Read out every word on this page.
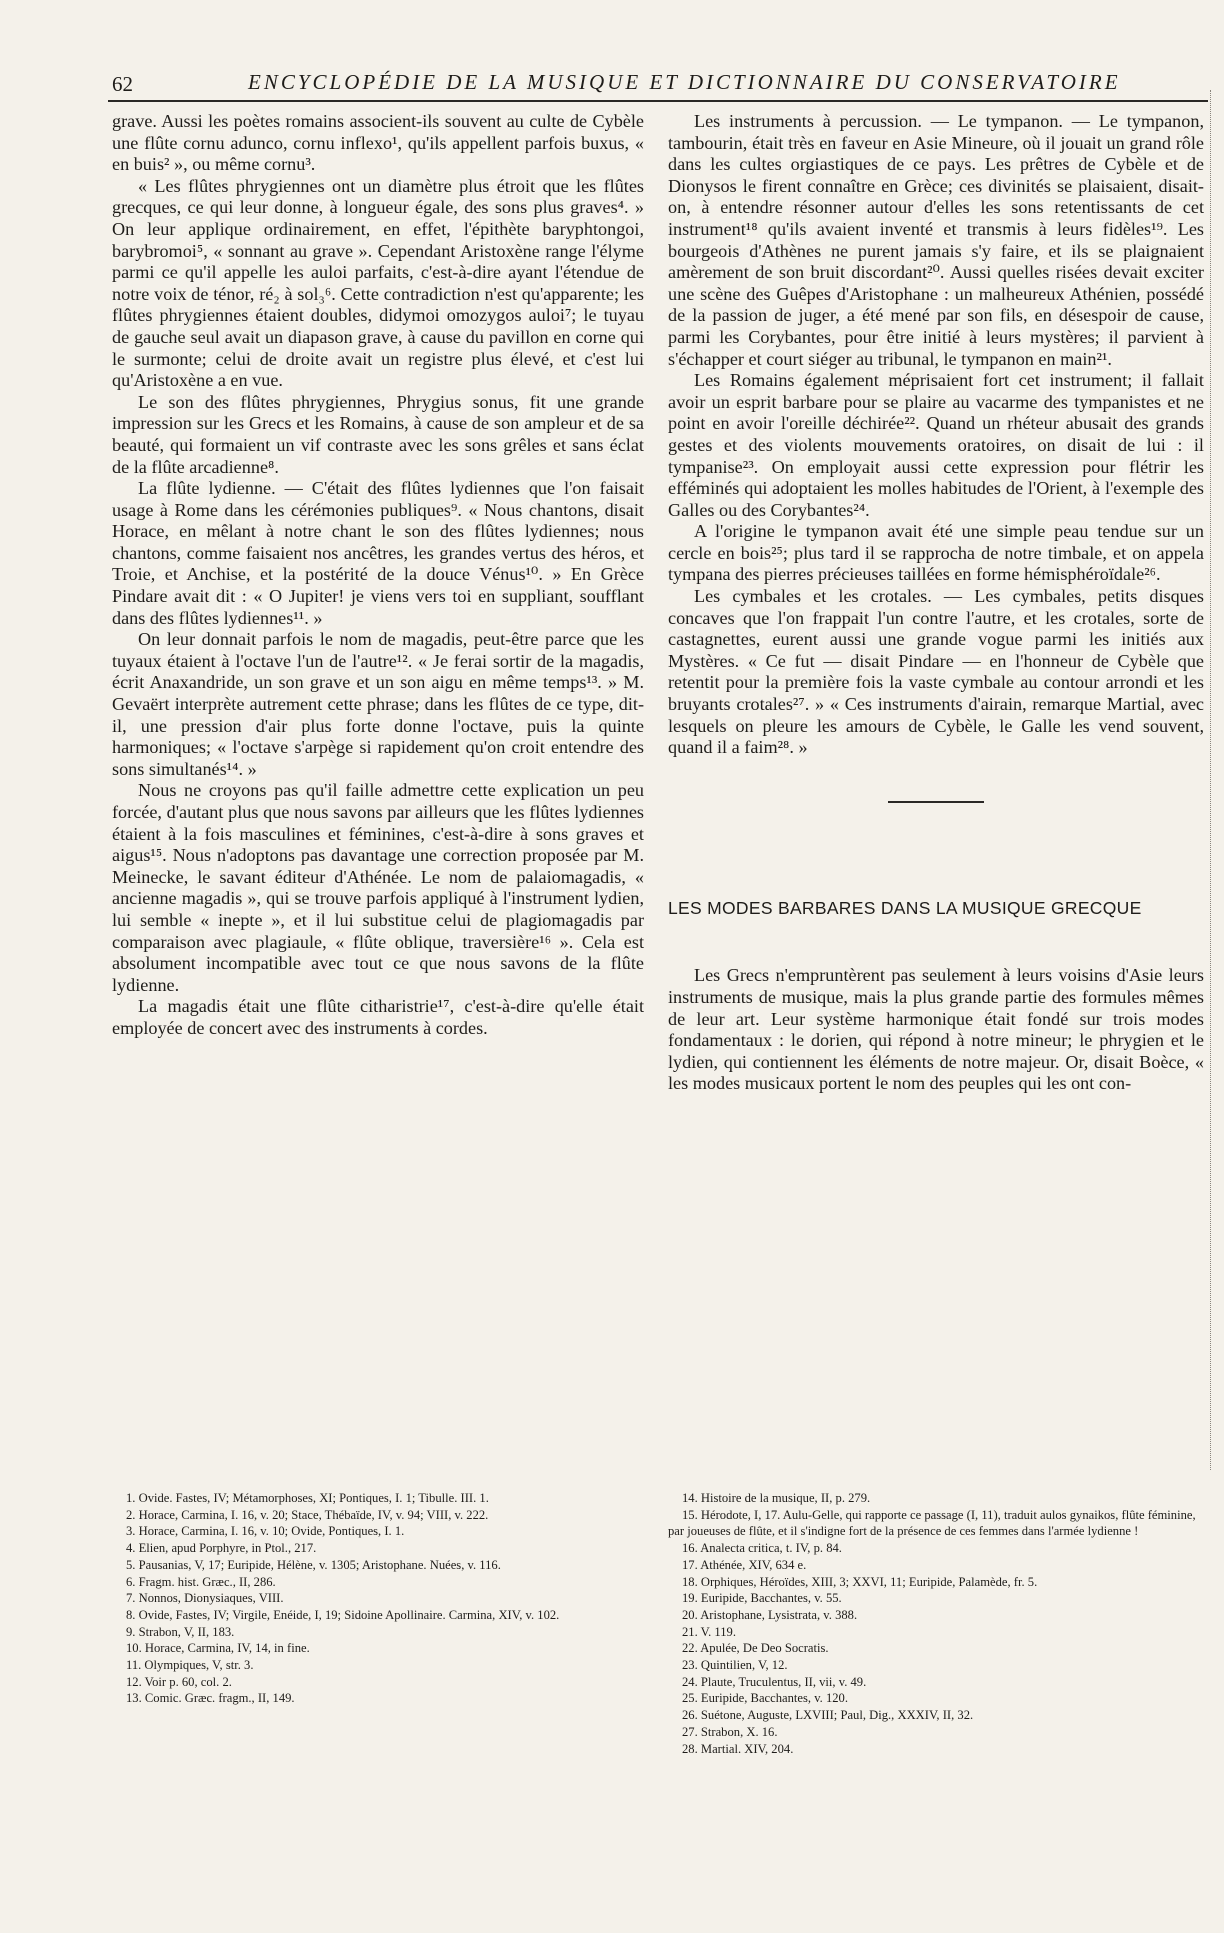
62	ENCYCLOPÉDIE DE LA MUSIQUE ET DICTIONNAIRE DU CONSERVATOIRE

grave. Aussi les poètes romains associent-ils souvent au culte de Cybèle une flûte cornu adunco, cornu inflexo¹, qu'ils appellent parfois buxus, « en buis² », ou même cornu³.

« Les flûtes phrygiennes ont un diamètre plus étroit que les flûtes grecques, ce qui leur donne, à longueur égale, des sons plus graves⁴. » On leur applique ordinairement, en effet, l'épithète baryphtongoi, barybromoi⁵, « sonnant au grave ». Cependant Aristoxène range l'élyme parmi ce qu'il appelle les auloi parfaits, c'est-à-dire ayant l'étendue de notre voix de ténor, ré₂ à sol₃⁶. Cette contradiction n'est qu'apparente; les flûtes phrygiennes étaient doubles, didymoi omozygos auloi⁷; le tuyau de gauche seul avait un diapason grave, à cause du pavillon en corne qui le surmonte; celui de droite avait un registre plus élevé, et c'est lui qu'Aristoxène a en vue.

Le son des flûtes phrygiennes, Phrygius sonus, fit une grande impression sur les Grecs et les Romains, à cause de son ampleur et de sa beauté, qui formaient un vif contraste avec les sons grêles et sans éclat de la flûte arcadienne⁸.

La flûte lydienne. — C'était des flûtes lydiennes que l'on faisait usage à Rome dans les cérémonies publiques⁹. « Nous chantons, disait Horace, en mêlant à notre chant le son des flûtes lydiennes; nous chantons, comme faisaient nos ancêtres, les grandes vertus des héros, et Troie, et Anchise, et la postérité de la douce Vénus¹⁰. » En Grèce Pindare avait dit : « O Jupiter! je viens vers toi en suppliant, soufflant dans des flûtes lydiennes¹¹. »

On leur donnait parfois le nom de magadis, peut-être parce que les tuyaux étaient à l'octave l'un de l'autre¹². « Je ferai sortir de la magadis, écrit Anaxandride, un son grave et un son aigu en même temps¹³. » M. Gevaërt interprète autrement cette phrase; dans les flûtes de ce type, dit-il, une pression d'air plus forte donne l'octave, puis la quinte harmoniques; « l'octave s'arpège si rapidement qu'on croit entendre des sons simultanés¹⁴. »

Nous ne croyons pas qu'il faille admettre cette explication un peu forcée, d'autant plus que nous savons par ailleurs que les flûtes lydiennes étaient à la fois masculines et féminines, c'est-à-dire à sons graves et aigus¹⁵. Nous n'adoptons pas davantage une correction proposée par M. Meinecke, le savant éditeur d'Athénée. Le nom de palaiomagadis, « ancienne magadis », qui se trouve parfois appliqué à l'instrument lydien, lui semble « inepte », et il lui substitue celui de plagiomagadis par comparaison avec plagiaule, « flûte oblique, traversière¹⁶ ». Cela est absolument incompatible avec tout ce que nous savons de la flûte lydienne.

La magadis était une flûte citharistrie¹⁷, c'est-à-dire qu'elle était employée de concert avec des instruments à cordes.

Les instruments à percussion. — Le tympanon. — Le tympanon, tambourin, était très en faveur en Asie Mineure, où il jouait un grand rôle dans les cultes orgiastiques de ce pays. Les prêtres de Cybèle et de Dionysos le firent connaître en Grèce; ces divinités se plaisaient, disait-on, à entendre résonner autour d'elles les sons retentissants de cet instrument¹⁸ qu'ils avaient inventé et transmis à leurs fidèles¹⁹. Les bourgeois d'Athènes ne purent jamais s'y faire, et ils se plaignaient amèrement de son bruit discordant²⁰. Aussi quelles risées devait exciter une scène des Guêpes d'Aristophane : un malheureux Athénien, possédé de la passion de juger, a été mené par son fils, en désespoir de cause, parmi les Corybantes, pour être initié à leurs mystères; il parvient à s'échapper et court siéger au tribunal, le tympanon en main²¹.

Les Romains également méprisaient fort cet instrument; il fallait avoir un esprit barbare pour se plaire au vacarme des tympanistes et ne point en avoir l'oreille déchirée²². Quand un rhéteur abusait des grands gestes et des violents mouvements oratoires, on disait de lui : il tympanise²³. On employait aussi cette expression pour flétrir les efféminés qui adoptaient les molles habitudes de l'Orient, à l'exemple des Galles ou des Corybantes²⁴.

A l'origine le tympanon avait été une simple peau tendue sur un cercle en bois²⁵; plus tard il se rapprocha de notre timbale, et on appela tympana des pierres précieuses taillées en forme hémisphéroïdale²⁶.

Les cymbales et les crotales. — Les cymbales, petits disques concaves que l'on frappait l'un contre l'autre, et les crotales, sorte de castagnettes, eurent aussi une grande vogue parmi les initiés aux Mystères. « Ce fut — disait Pindare — en l'honneur de Cybèle que retentit pour la première fois la vaste cymbale au contour arrondi et les bruyants crotales²⁷. » « Ces instruments d'airain, remarque Martial, avec lesquels on pleure les amours de Cybèle, le Galle les vend souvent, quand il a faim²⁸. »

LES MODES BARBARES DANS LA MUSIQUE GRECQUE

Les Grecs n'empruntèrent pas seulement à leurs voisins d'Asie leurs instruments de musique, mais la plus grande partie des formules mêmes de leur art. Leur système harmonique était fondé sur trois modes fondamentaux : le dorien, qui répond à notre mineur; le phrygien et le lydien, qui contiennent les éléments de notre majeur. Or, disait Boèce, « les modes musicaux portent le nom des peuples qui les ont con-

1. Ovide. Fastes, IV; Métamorphoses, XI; Pontiques, I. 1; Tibulle. III. 1.
2. Horace, Carmina, I. 16, v. 20; Stace, Thébaïde, IV, v. 94; VIII, v. 222.
3. Horace, Carmina, I. 16, v. 10; Ovide, Pontiques, I. 1.
4. Elien, apud Porphyre, in Ptol., 217.
5. Pausanias, V, 17; Euripide, Hélène, v. 1305; Aristophane. Nuées, v. 116.
6. Fragm. hist. Græc., II, 286.
7. Nonnos, Dionysiaques, VIII.
8. Ovide, Fastes, IV; Virgile, Enéide, I, 19; Sidoine Apollinaire. Carmina, XIV, v. 102.
9. Strabon, V, II, 183.
10. Horace, Carmina, IV, 14, in fine.
11. Olympiques, V, str. 3.
12. Voir p. 60, col. 2.
13. Comic. Græc. fragm., II, 149.
14. Histoire de la musique, II, p. 279.
15. Hérodote, I, 17. Aulu-Gelle, qui rapporte ce passage (I, 11), traduit aulos gynaikos, flûte féminine, par joueuses de flûte, et il s'indigne fort de la présence de ces femmes dans l'armée lydienne !
16. Analecta critica, t. IV, p. 84.
17. Athénée, XIV, 634 e.
18. Orphiques, Héroïdes, XIII, 3; XXVI, 11; Euripide, Palamède, fr. 5.
19. Euripide, Bacchantes, v. 55.
20. Aristophane, Lysistrata, v. 388.
21. V. 119.
22. Apulée, De Deo Socratis.
23. Quintilien, V, 12.
24. Plaute, Truculentus, II, vii, v. 49.
25. Euripide, Bacchantes, v. 120.
26. Suétone, Auguste, LXVIII; Paul, Dig., XXXIV, II, 32.
27. Strabon, X. 16.
28. Martial. XIV, 204.
